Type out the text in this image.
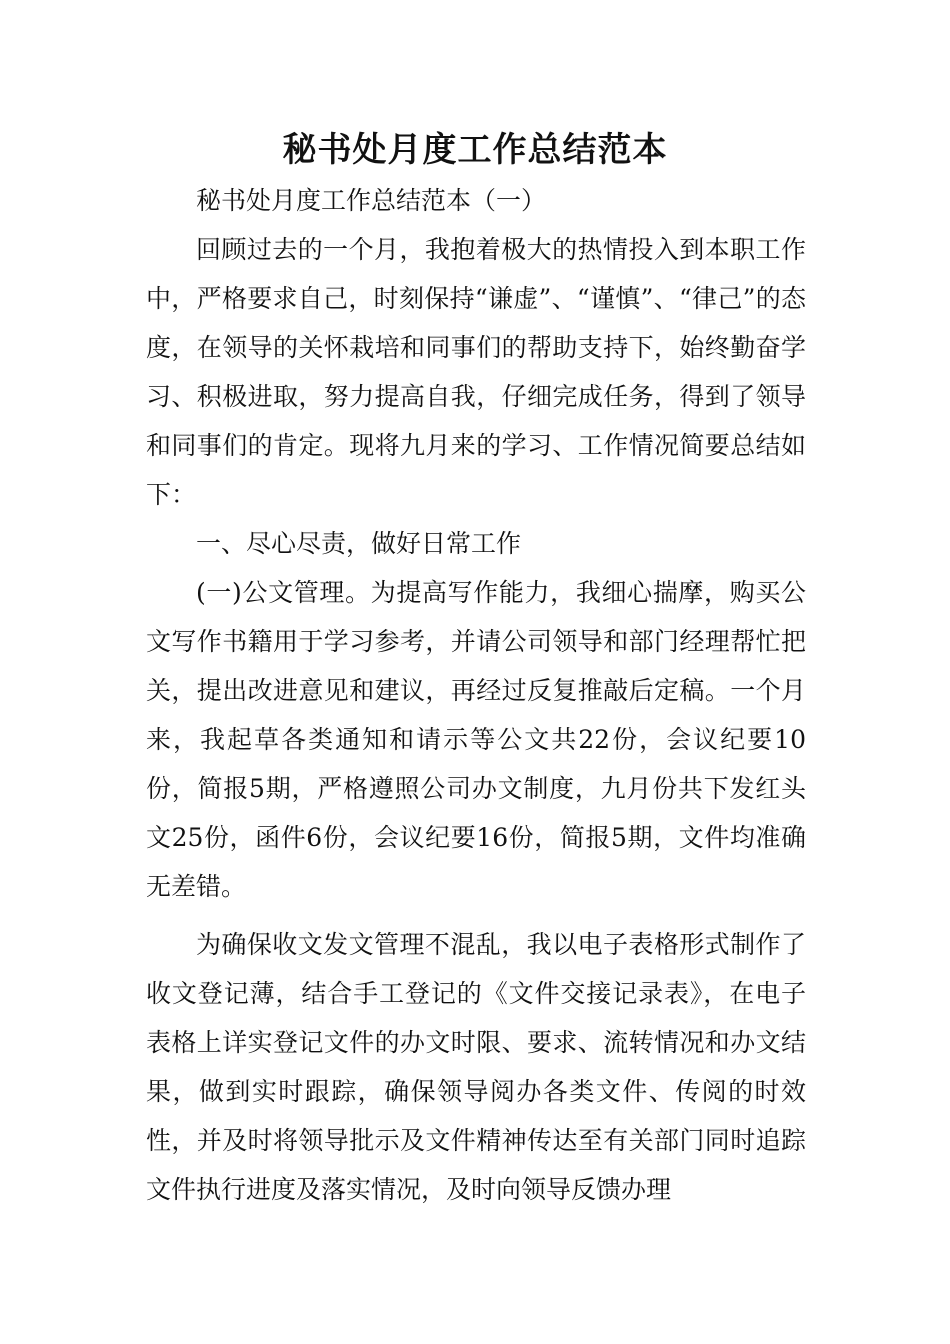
秘书处月度工作总结范本

秘书处月度工作总结范本（一）

回顾过去的一个月，我抱着极大的热情投入到本职工作中，严格要求自己，时刻保持“谦虚”、“谨慎”、“律己”的态度，在领导的关怀栽培和同事们的帮助支持下，始终勤奋学习、积极进取，努力提高自我，仔细完成任务，得到了领导和同事们的肯定。现将九月来的学习、工作情况简要总结如下：

一、尽心尽责，做好日常工作

(一)公文管理。为提高写作能力，我细心揣摩，购买公文写作书籍用于学习参考，并请公司领导和部门经理帮忙把关，提出改进意见和建议，再经过反复推敲后定稿。一个月来，我起草各类通知和请示等公文共22份，会议纪要10份，简报5期，严格遵照公司办文制度，九月份共下发红头文25份，函件6份，会议纪要16份，简报5期，文件均准确无差错。

为确保收文发文管理不混乱，我以电子表格形式制作了收文登记薄，结合手工登记的《文件交接记录表》，在电子表格上详实登记文件的办文时限、要求、流转情况和办文结果，做到实时跟踪，确保领导阅办各类文件、传阅的时效性，并及时将领导批示及文件精神传达至有关部门同时追踪文件执行进度及落实情况，及时向领导反馈办理
